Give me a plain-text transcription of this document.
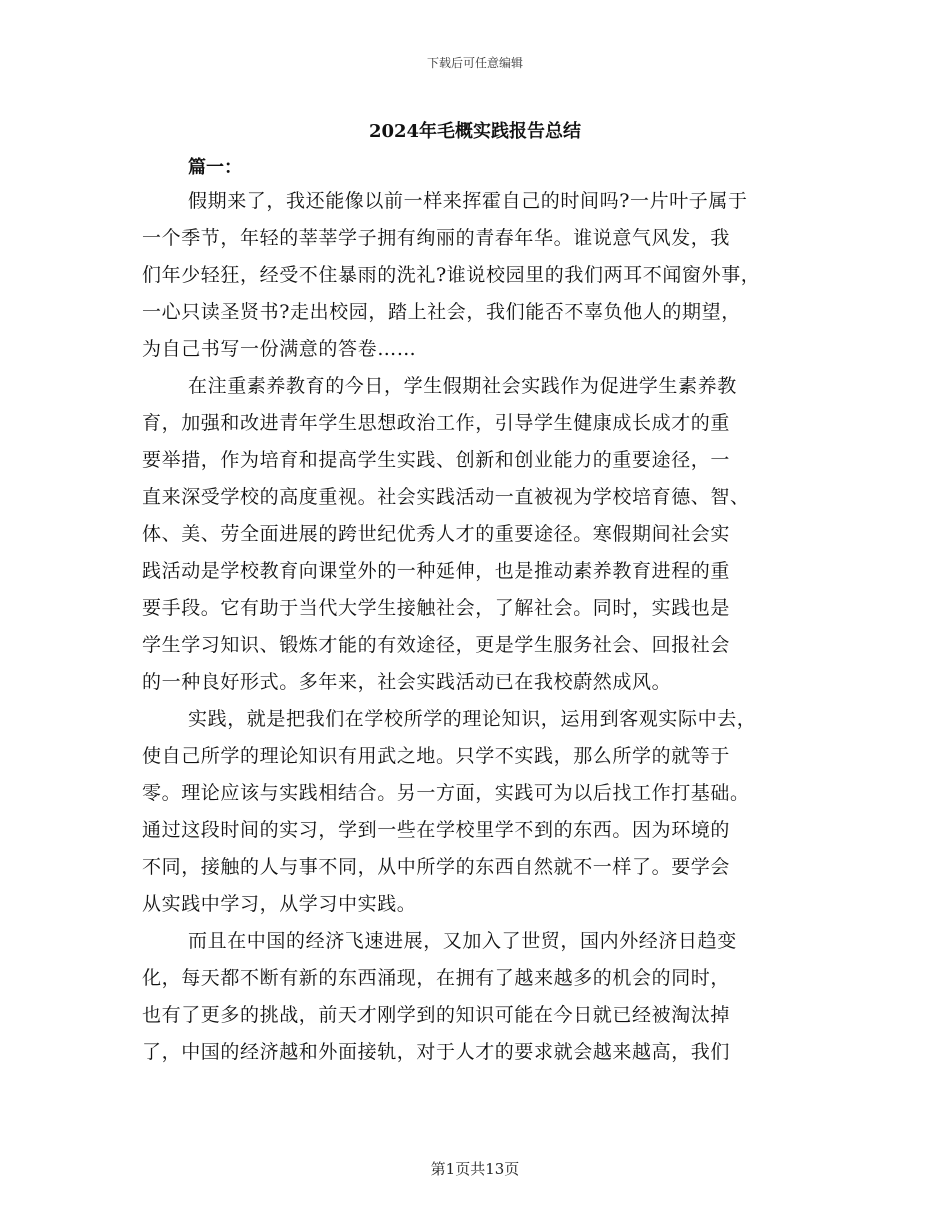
下载后可任意编辑
2024年毛概实践报告总结
篇一：
假期来了，我还能像以前一样来挥霍自己的时间吗?一片叶子属于
一个季节，年轻的莘莘学子拥有绚丽的青春年华。谁说意气风发，我
们年少轻狂，经受不住暴雨的洗礼?谁说校园里的我们两耳不闻窗外事，
一心只读圣贤书?走出校园，踏上社会，我们能否不辜负他人的期望，
为自己书写一份满意的答卷……
在注重素养教育的今日，学生假期社会实践作为促进学生素养教
育，加强和改进青年学生思想政治工作，引导学生健康成长成才的重
要举措，作为培育和提高学生实践、创新和创业能力的重要途径，一
直来深受学校的高度重视。社会实践活动一直被视为学校培育德、智、
体、美、劳全面进展的跨世纪优秀人才的重要途径。寒假期间社会实
践活动是学校教育向课堂外的一种延伸，也是推动素养教育进程的重
要手段。它有助于当代大学生接触社会，了解社会。同时，实践也是
学生学习知识、锻炼才能的有效途径，更是学生服务社会、回报社会
的一种良好形式。多年来，社会实践活动已在我校蔚然成风。
实践，就是把我们在学校所学的理论知识，运用到客观实际中去，
使自己所学的理论知识有用武之地。只学不实践，那么所学的就等于
零。理论应该与实践相结合。另一方面，实践可为以后找工作打基础。
通过这段时间的实习，学到一些在学校里学不到的东西。因为环境的
不同，接触的人与事不同，从中所学的东西自然就不一样了。要学会
从实践中学习，从学习中实践。
而且在中国的经济飞速进展，又加入了世贸，国内外经济日趋变
化，每天都不断有新的东西涌现，在拥有了越来越多的机会的同时，
也有了更多的挑战，前天才刚学到的知识可能在今日就已经被淘汰掉
了，中国的经济越和外面接轨，对于人才的要求就会越来越高，我们
第1页共13页
